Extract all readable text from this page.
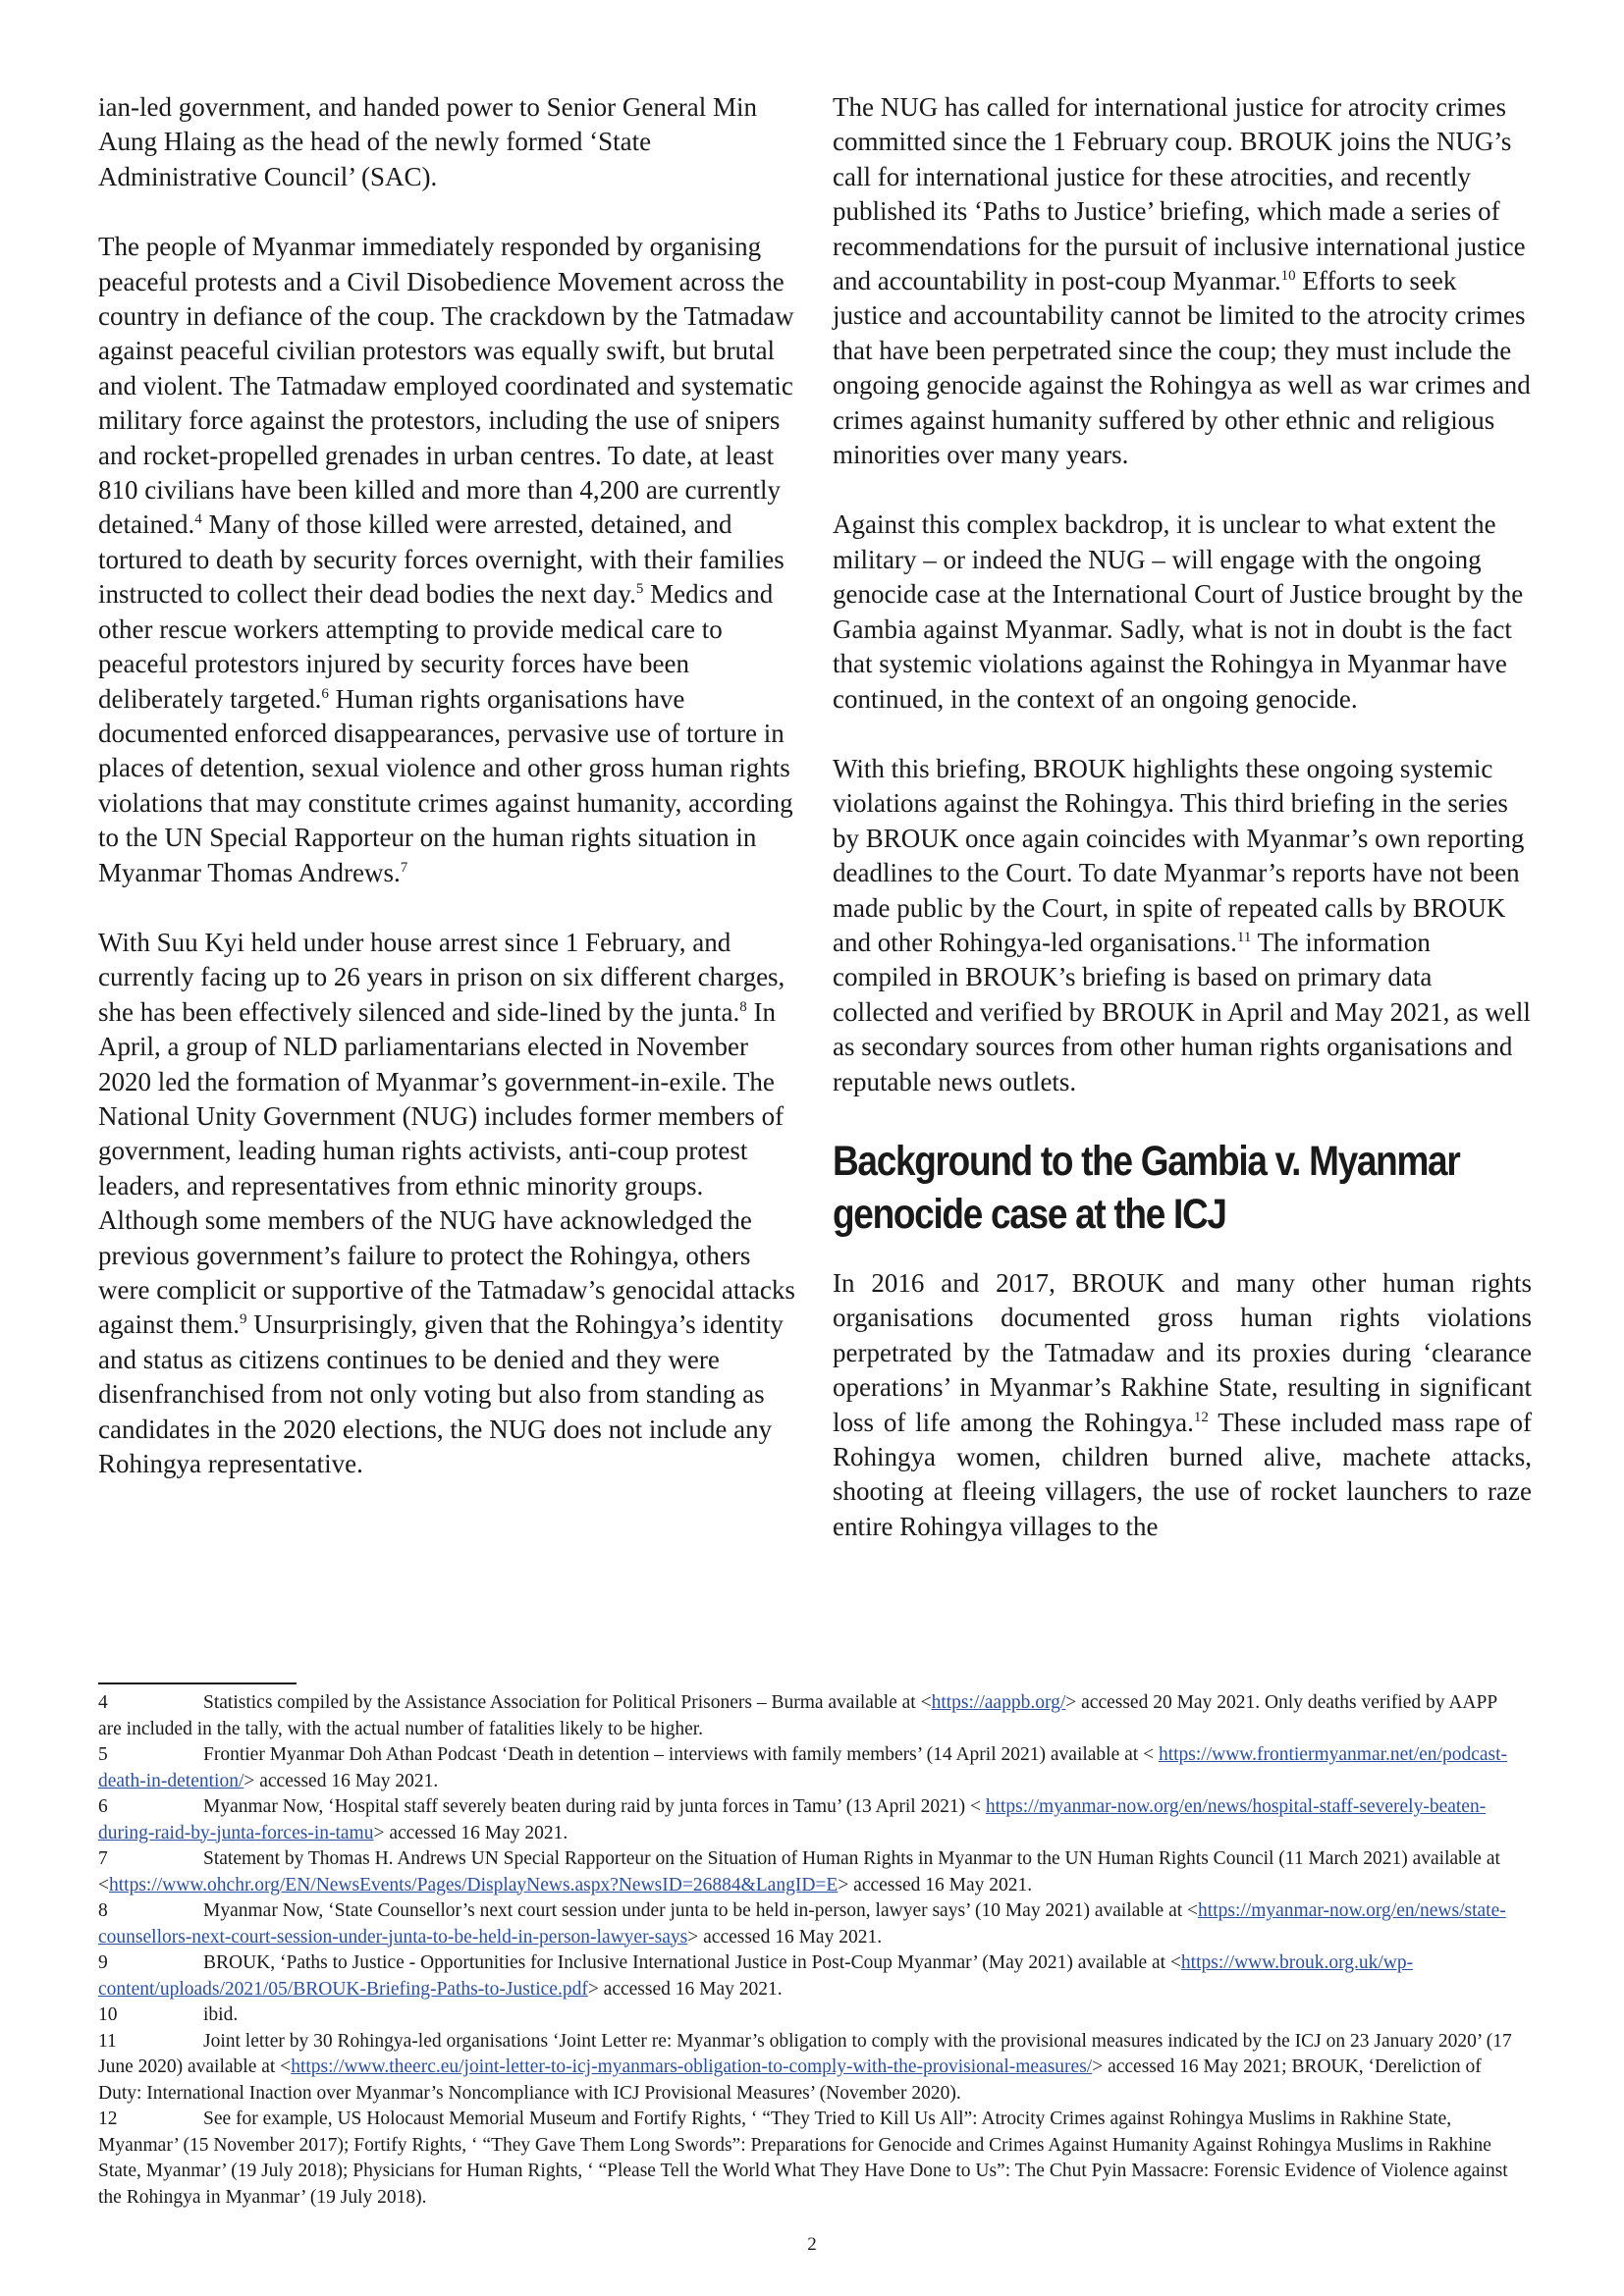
ian-led government, and handed power to Senior General Min Aung Hlaing as the head of the newly formed ‘State Administrative Council’ (SAC).

The people of Myanmar immediately responded by organising peaceful protests and a Civil Disobedience Movement across the country in defiance of the coup. The crackdown by the Tatmadaw against peaceful civilian protestors was equally swift, but brutal and violent. The Tatmadaw employed coordinated and systematic military force against the protestors, including the use of snipers and rocket-propelled grenades in urban centres. To date, at least 810 civilians have been killed and more than 4,200 are currently detained.$^4$ Many of those killed were arrested, detained, and tortured to death by security forces overnight, with their families instructed to collect their dead bodies the next day.$^5$ Medics and other rescue workers attempting to provide medical care to peaceful protestors injured by security forces have been deliberately targeted.$^6$ Human rights organisations have documented enforced disappearances, pervasive use of torture in places of detention, sexual violence and other gross human rights violations that may constitute crimes against humanity, according to the UN Special Rapporteur on the human rights situation in Myanmar Thomas Andrews.$^7$

With Suu Kyi held under house arrest since 1 February, and currently facing up to 26 years in prison on six different charges, she has been effectively silenced and side-lined by the junta.$^8$ In April, a group of NLD parliamentarians elected in November 2020 led the formation of Myanmar’s government-in-exile. The National Unity Government (NUG) includes former members of government, leading human rights activists, anti-coup protest leaders, and representatives from ethnic minority groups. Although some members of the NUG have acknowledged the previous government’s failure to protect the Rohingya, others were complicit or supportive of the Tatmadaw’s genocidal attacks against them.$^9$ Unsurprisingly, given that the Rohingya’s identity and status as citizens continues to be denied and they were disenfranchised from not only voting but also from standing as candidates in the 2020 elections, the NUG does not include any Rohingya representative.

The NUG has called for international justice for atrocity crimes committed since the 1 February coup. BROUK joins the NUG’s call for international justice for these atrocities, and recently published its ‘Paths to Justice’ briefing, which made a series of recommendations for the pursuit of inclusive international justice and accountability in post-coup Myanmar.$^{10}$ Efforts to seek justice and accountability cannot be limited to the atrocity crimes that have been perpetrated since the coup; they must include the ongoing genocide against the Rohingya as well as war crimes and crimes against humanity suffered by other ethnic and religious minorities over many years.

Against this complex backdrop, it is unclear to what extent the military – or indeed the NUG – will engage with the ongoing genocide case at the International Court of Justice brought by the Gambia against Myanmar. Sadly, what is not in doubt is the fact that systemic violations against the Rohingya in Myanmar have continued, in the context of an ongoing genocide.

With this briefing, BROUK highlights these ongoing systemic violations against the Rohingya. This third briefing in the series by BROUK once again coincides with Myanmar’s own reporting deadlines to the Court. To date Myanmar’s reports have not been made public by the Court, in spite of repeated calls by BROUK and other Rohingya-led organisations.$^{11}$ The information compiled in BROUK’s briefing is based on primary data collected and verified by BROUK in April and May 2021, as well as secondary sources from other human rights organisations and reputable news outlets.

Background to the Gambia v. Myanmar
genocide case at the ICJ

In 2016 and 2017, BROUK and many other human rights organisations documented gross human rights violations perpetrated by the Tatmadaw and its proxies during ‘clearance operations’ in Myanmar’s Rakhine State, resulting in significant loss of life among the Rohingya.$^{12}$ These included mass rape of Rohingya women, children burned alive, machete attacks, shooting at fleeing villagers, the use of rocket launchers to raze entire Rohingya villages to the

4	Statistics compiled by the Assistance Association for Political Prisoners – Burma available at <https://aappb.org/> accessed 20 May 2021. Only deaths verified by AAPP are included in the tally, with the actual number of fatalities likely to be higher.

5	Frontier Myanmar Doh Athan Podcast ‘Death in detention – interviews with family members’ (14 April 2021) available at < https://www.frontiermyanmar.net/en/podcast-death-in-detention/> accessed 16 May 2021.

6	Myanmar Now, ‘Hospital staff severely beaten during raid by junta forces in Tamu’ (13 April 2021) < https://myanmar-now.org/en/news/hospital-staff-severely-beaten-during-raid-by-junta-forces-in-tamu> accessed 16 May 2021.

7	Statement by Thomas H. Andrews UN Special Rapporteur on the Situation of Human Rights in Myanmar to the UN Human Rights Council (11 March 2021) available at <https://www.ohchr.org/EN/NewsEvents/Pages/DisplayNews.aspx?NewsID=26884&LangID=E> accessed 16 May 2021.

8	Myanmar Now, ‘State Counsellor’s next court session under junta to be held in-person, lawyer says’ (10 May 2021) available at <https://myanmar-now.org/en/news/state-counsellors-next-court-session-under-junta-to-be-held-in-person-lawyer-says> accessed 16 May 2021.

9	BROUK, ‘Paths to Justice - Opportunities for Inclusive International Justice in Post-Coup Myanmar’ (May 2021) available at <https://www.brouk.org.uk/wp-content/uploads/2021/05/BROUK-Briefing-Paths-to-Justice.pdf> accessed 16 May 2021.

10	ibid.

11	Joint letter by 30 Rohingya-led organisations ‘Joint Letter re: Myanmar’s obligation to comply with the provisional measures indicated by the ICJ on 23 January 2020’ (17 June 2020) available at <https://www.theerc.eu/joint-letter-to-icj-myanmars-obligation-to-comply-with-the-provisional-measures/> accessed 16 May 2021; BROUK, ‘Dereliction of Duty: International Inaction over Myanmar’s Noncompliance with ICJ Provisional Measures’ (November 2020).

12	See for example, US Holocaust Memorial Museum and Fortify Rights, ‘ “They Tried to Kill Us All”: Atrocity Crimes against Rohingya Muslims in Rakhine State, Myanmar’ (15 November 2017); Fortify Rights, ‘ “They Gave Them Long Swords”: Preparations for Genocide and Crimes Against Humanity Against Rohingya Muslims in Rakhine State, Myanmar’ (19 July 2018); Physicians for Human Rights, ‘ “Please Tell the World What They Have Done to Us”: The Chut Pyin Massacre: Forensic Evidence of Violence against the Rohingya in Myanmar’ (19 July 2018).

2
